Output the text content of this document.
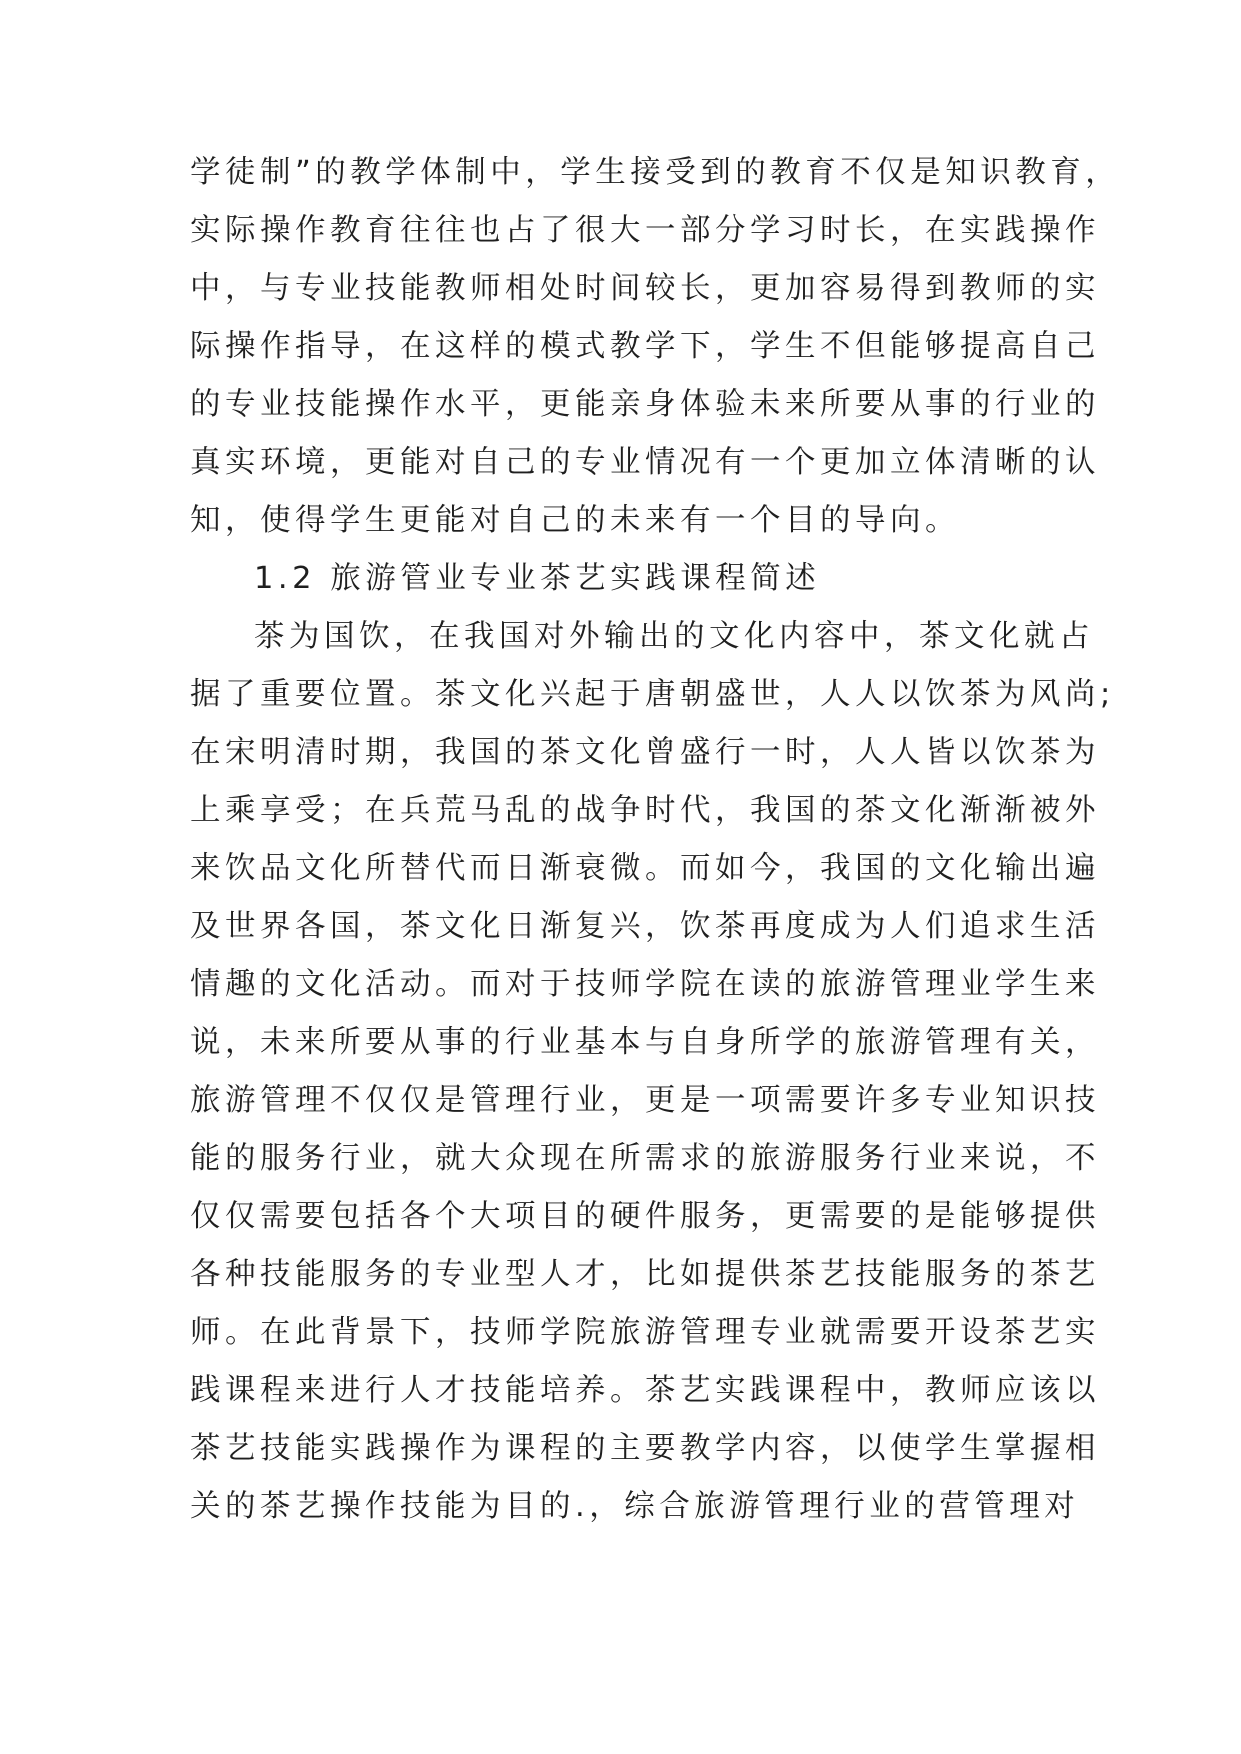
学徒制”的教学体制中，学生接受到的教育不仅是知识教育，
实际操作教育往往也占了很大一部分学习时长，在实践操作
中，与专业技能教师相处时间较长，更加容易得到教师的实
际操作指导，在这样的模式教学下，学生不但能够提高自己
的专业技能操作水平，更能亲身体验未来所要从事的行业的
真实环境，更能对自己的专业情况有一个更加立体清晰的认
知，使得学生更能对自己的未来有一个目的导向。
1.2 旅游管业专业茶艺实践课程简述
茶为国饮，在我国对外输出的文化内容中，茶文化就占
据了重要位置。茶文化兴起于唐朝盛世，人人以饮茶为风尚;
在宋明清时期，我国的茶文化曾盛行一时，人人皆以饮茶为
上乘享受；在兵荒马乱的战争时代，我国的茶文化渐渐被外
来饮品文化所替代而日渐衰微。而如今，我国的文化输出遍
及世界各国，茶文化日渐复兴，饮茶再度成为人们追求生活
情趣的文化活动。而对于技师学院在读的旅游管理业学生来
说，未来所要从事的行业基本与自身所学的旅游管理有关，
旅游管理不仅仅是管理行业，更是一项需要许多专业知识技
能的服务行业，就大众现在所需求的旅游服务行业来说，不
仅仅需要包括各个大项目的硬件服务，更需要的是能够提供
各种技能服务的专业型人才，比如提供茶艺技能服务的茶艺
师。在此背景下，技师学院旅游管理专业就需要开设茶艺实
践课程来进行人才技能培养。茶艺实践课程中，教师应该以
茶艺技能实践操作为课程的主要教学内容，以使学生掌握相
关的茶艺操作技能为目的.，综合旅游管理行业的营管理对
